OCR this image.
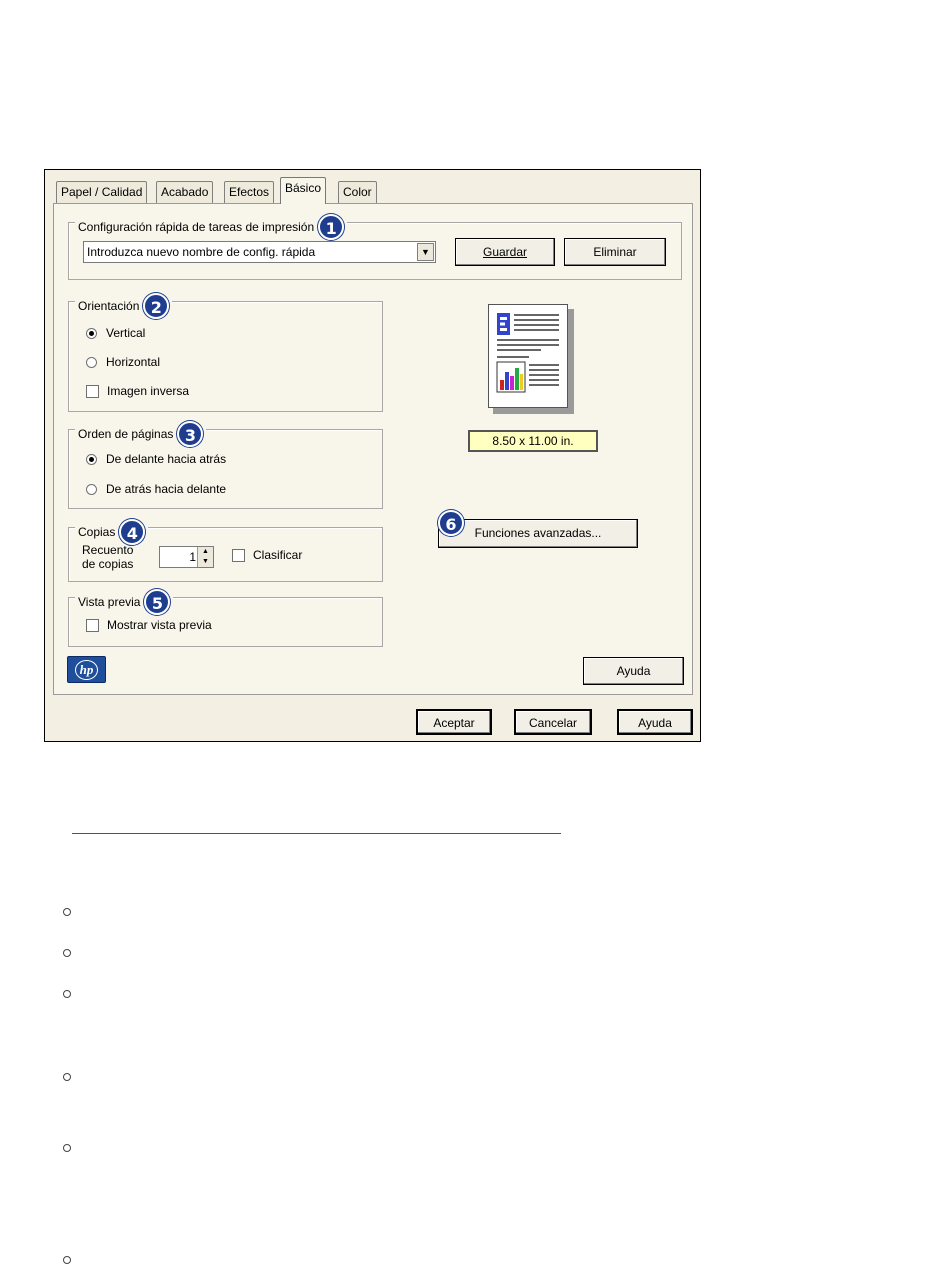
Papel / Calidad	Acabado	Efectos	Básico	Color
Configuración rápida de tareas de impresión 1
Introduzca nuevo nombre de config. rápida	▼	Guardar	Eliminar
Orientación 2
Vertical
Horizontal
Imagen inversa
Orden de páginas 3
De delante hacia atrás
De atrás hacia delante
Copias 4
Recuento
de copias	1 ▲
▼	Clasificar
Vista previa 5
Mostrar vista previa
8.50 x 11.00 in.
Funciones avanzadas...
6
hp	Ayuda
Aceptar	Cancelar	Ayuda
